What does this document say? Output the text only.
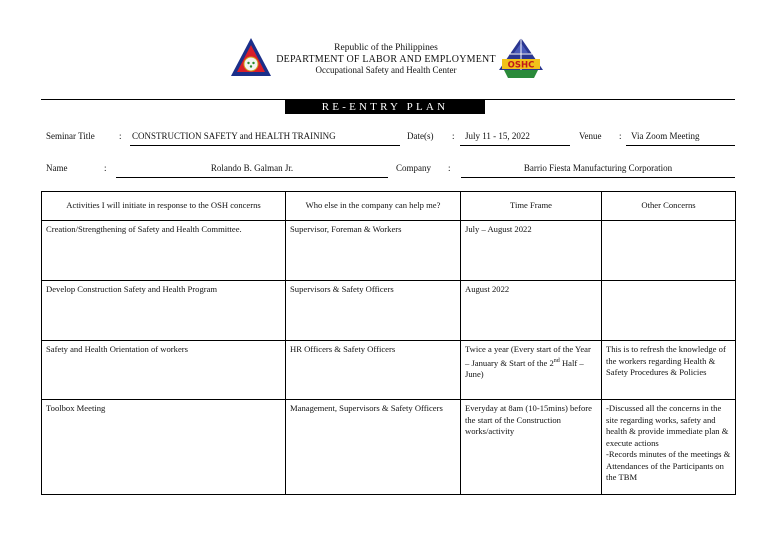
Republic of the Philippines
DEPARTMENT OF LABOR AND EMPLOYMENT
Occupational Safety and Health Center	OSHC
RE-ENTRY PLAN
Seminar Title	: CONSTRUCTION SAFETY and HEALTH TRAINING	Date(s) : July 11 - 15, 2022	Venue : Via Zoom Meeting
Name	:	Rolando B. Galman Jr.	Company :	Barrio Fiesta Manufacturing Corporation
Activities I will initiate in response to the OSH concerns	Who else in the company can help me?	Time Frame	Other Concerns
Creation/Strengthening of Safety and Health Committee.	Supervisor, Foreman & Workers	July – August 2022	
Develop Construction Safety and Health Program	Supervisors & Safety Officers	August 2022	
Safety and Health Orientation of workers	HR Officers & Safety Officers	Twice a year (Every start of the Year – January & Start of the 2nd Half – June)	This is to refresh the knowledge of the workers regarding Health & Safety Procedures & Policies
Toolbox Meeting	Management, Supervisors & Safety Officers	Everyday at 8am (10-15mins) before the start of the Construction works/activity	-Discussed all the concerns in the site regarding works, safety and health & provide immediate plan & execute actions
-Records minutes of the meetings & Attendances of the Participants on the TBM
